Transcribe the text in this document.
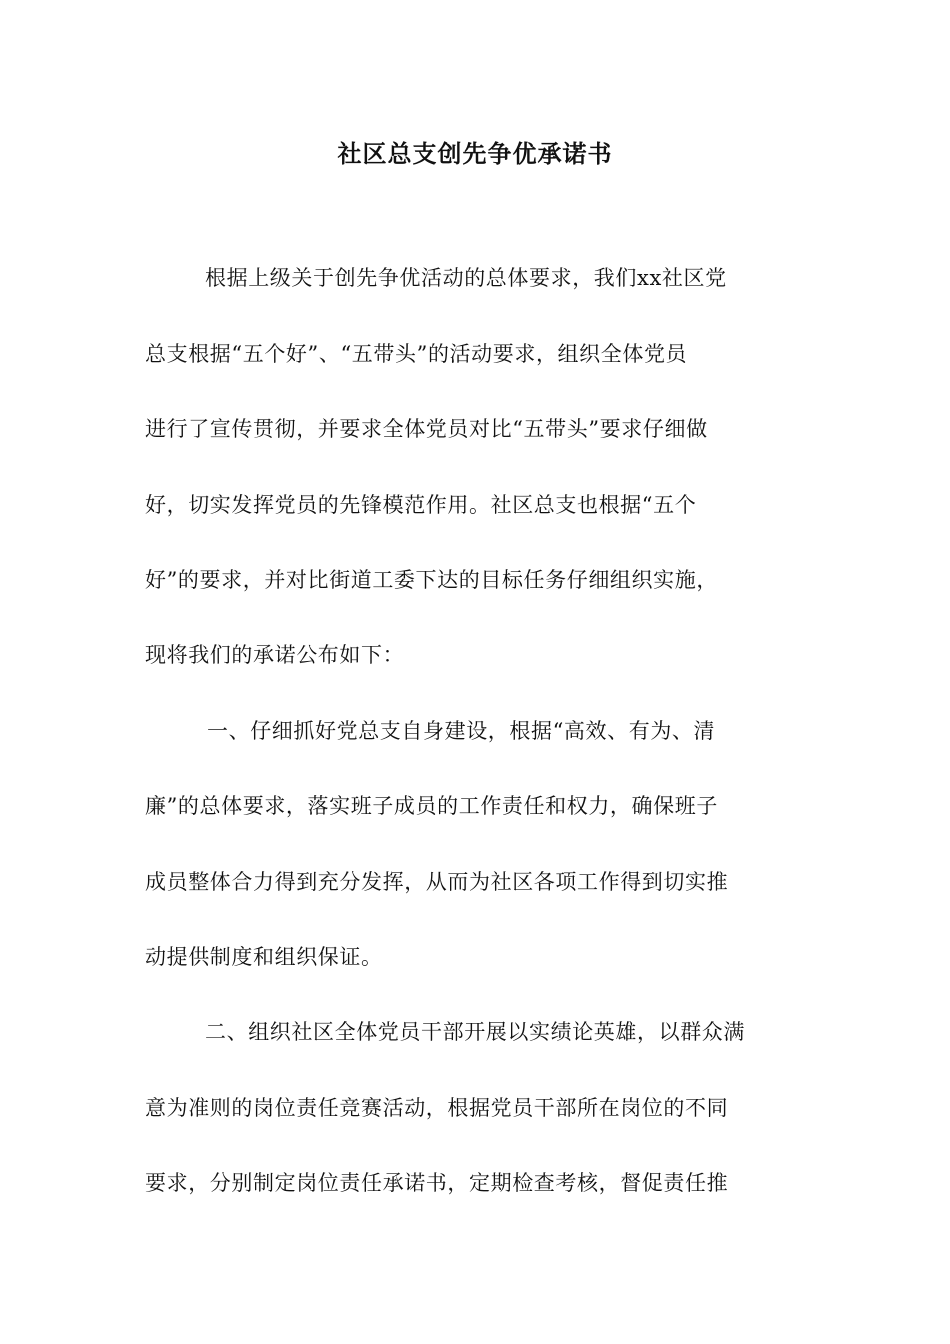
社区总支创先争优承诺书
根据上级关于创先争优活动的总体要求，我们xx社区党
总支根据“五个好”、“五带头”的活动要求，组织全体党员
进行了宣传贯彻，并要求全体党员对比“五带头”要求仔细做
好，切实发挥党员的先锋模范作用。社区总支也根据“五个
好”的要求，并对比街道工委下达的目标任务仔细组织实施，
现将我们的承诺公布如下：
一、仔细抓好党总支自身建设，根据“高效、有为、清
廉”的总体要求，落实班子成员的工作责任和权力，确保班子
成员整体合力得到充分发挥，从而为社区各项工作得到切实推
动提供制度和组织保证。
二、组织社区全体党员干部开展以实绩论英雄，以群众满
意为准则的岗位责任竞赛活动，根据党员干部所在岗位的不同
要求，分别制定岗位责任承诺书，定期检查考核，督促责任推
